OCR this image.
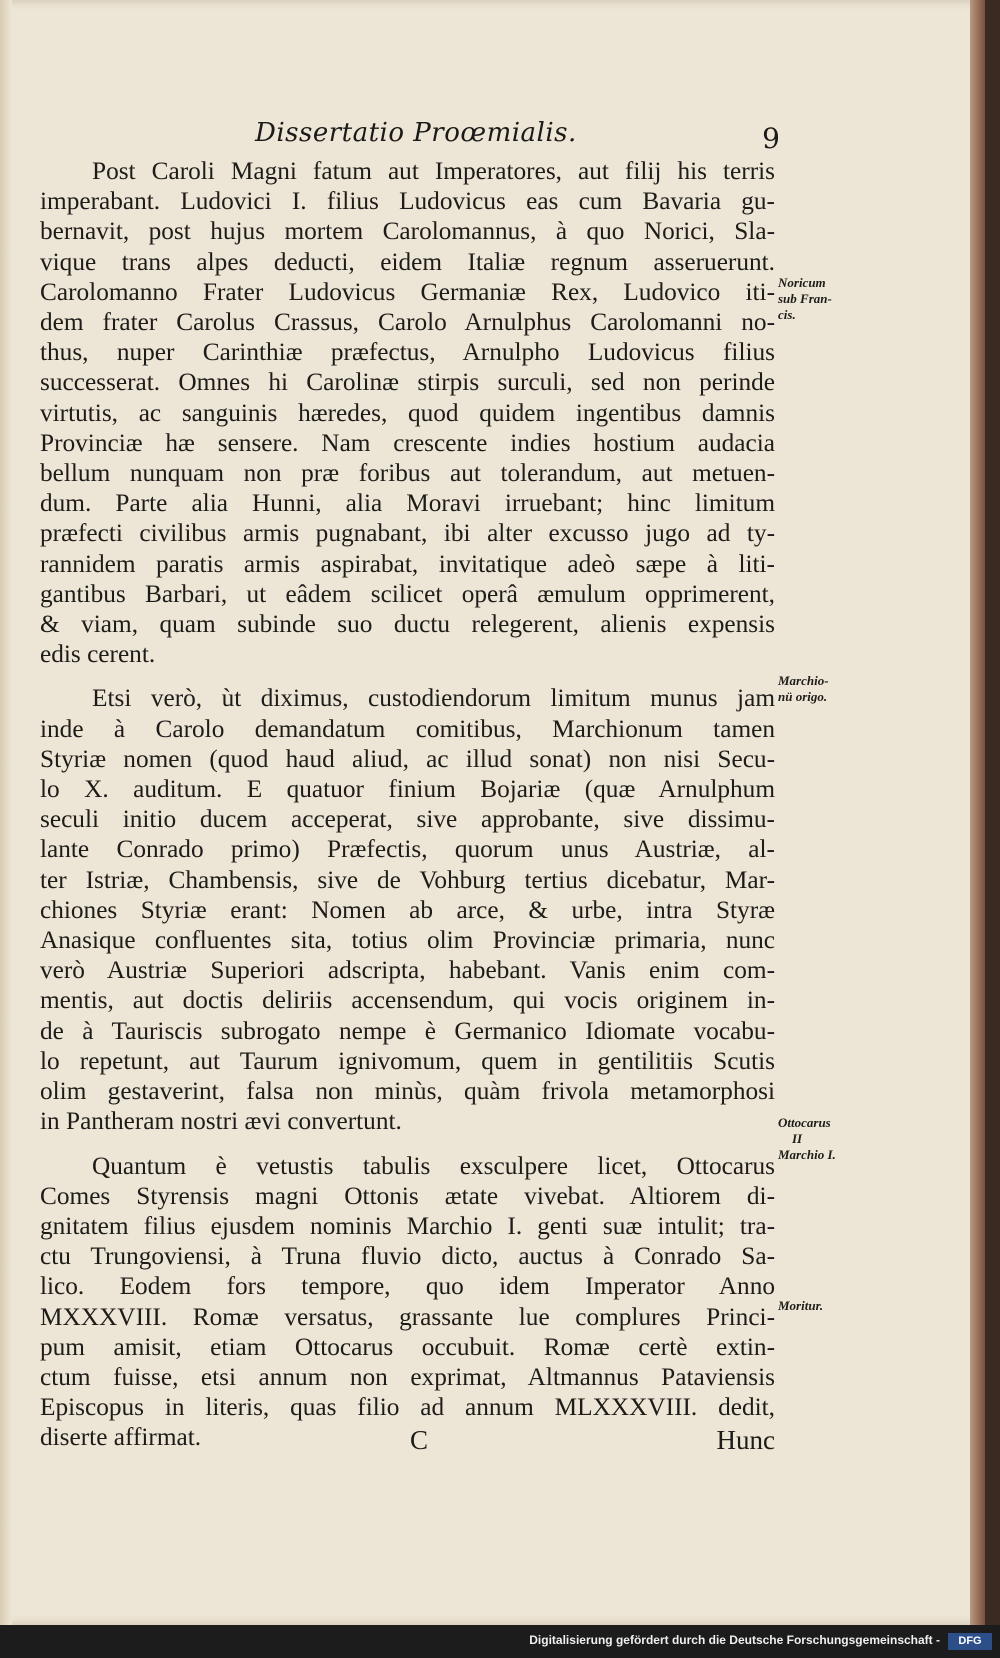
Dissertatio Proœmialis.	9

Post Caroli Magni fatum aut Imperatores, aut filij his terris
imperabant. Ludovici I. filius Ludovicus eas cum Bavaria gu-
bernavit, post hujus mortem Carolomannus, à quo Norici, Sla-
vique trans alpes deducti, eidem Italiæ regnum asseruerunt.
Carolomanno Frater Ludovicus Germaniæ Rex, Ludovico iti-
dem frater Carolus Crassus, Carolo Arnulphus Carolomanni no-
thus, nuper Carinthiæ præfectus, Arnulpho Ludovicus filius
successerat. Omnes hi Carolinæ stirpis surculi, sed non perinde
virtutis, ac sanguinis hæredes, quod quidem ingentibus damnis
Provinciæ hæ sensere. Nam crescente indies hostium audacia
bellum nunquam non præ foribus aut tolerandum, aut metuen-
dum. Parte alia Hunni, alia Moravi irruebant; hinc limitum
præfecti civilibus armis pugnabant, ibi alter excusso jugo ad ty-
rannidem paratis armis aspirabat, invitatique adeò sæpe à liti-
gantibus Barbari, ut eâdem scilicet operâ æmulum opprimerent,
& viam, quam subinde suo ductu relegerent, alienis expensis
edis cerent.

Etsi verò, ùt diximus, custodiendorum limitum munus jam
inde à Carolo demandatum comitibus, Marchionum tamen
Styriæ nomen (quod haud aliud, ac illud sonat) non nisi Secu-
lo X. auditum. E quatuor finium Bojariæ (quæ Arnulphum
seculi initio ducem acceperat, sive approbante, sive dissimu-
lante Conrado primo) Præfectis, quorum unus Austriæ, al-
ter Istriæ, Chambensis, sive de Vohburg tertius dicebatur, Mar-
chiones Styriæ erant: Nomen ab arce, & urbe, intra Styræ
Anasique confluentes sita, totius olim Provinciæ primaria, nunc
verò Austriæ Superiori adscripta, habebant. Vanis enim com-
mentis, aut doctis deliriis accensendum, qui vocis originem in-
de à Tauriscis subrogato nempe è Germanico Idiomate vocabu-
lo repetunt, aut Taurum ignivomum, quem in gentilitiis Scutis
olim gestaverint, falsa non minùs, quàm frivola metamorphosi
in Pantheram nostri ævi convertunt.

Quantum è vetustis tabulis exsculpere licet, Ottocarus
Comes Styrensis magni Ottonis ætate vivebat. Altiorem di-
gnitatem filius ejusdem nominis Marchio I. genti suæ intulit; tra-
ctu Trungoviensi, à Truna fluvio dicto, auctus à Conrado Sa-
lico. Eodem fors tempore, quo idem Imperator Anno
MXXXVIII. Romæ versatus, grassante lue complures Princi-
pum amisit, etiam Ottocarus occubuit. Romæ certè extin-
ctum fuisse, etsi annum non exprimat, Altmannus Pataviensis
Episcopus in literis, quas filio ad annum MLXXXVIII. dedit,
diserte affirmat.

Noricum
sub Fran-
cis.
Marchio-
nü origo.
Ottocarus
II
Marchio I.
Moritur.
C	Hunc
Digitalisierung gefördert durch die Deutsche Forschungsgemeinschaft -	DFG
